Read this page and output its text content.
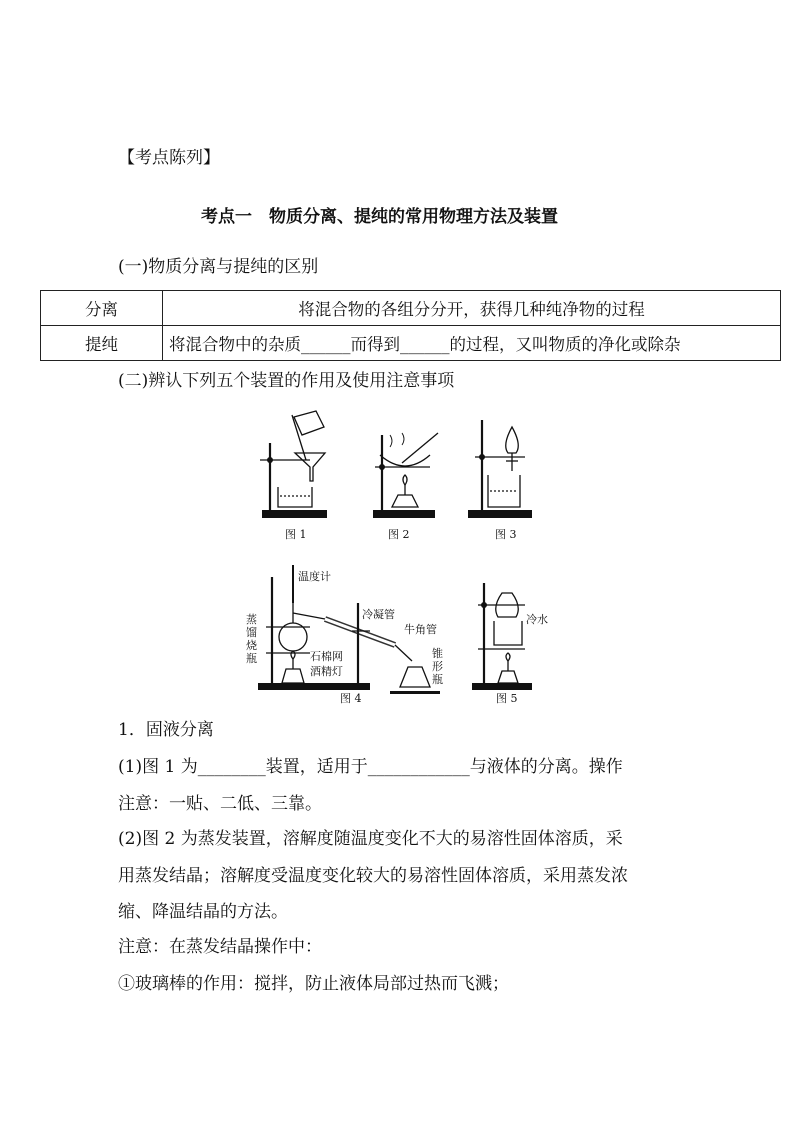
【考点陈列】
考点一　物质分离、提纯的常用物理方法及装置
(一)物质分离与提纯的区别
分离	将混合物的各组分分开，获得几种纯净物的过程
提纯	将混合物中的杂质______而得到______的过程，又叫物质的净化或除杂
(二)辨认下列五个装置的作用及使用注意事项
图 1	图 2	图 3
温度计
冷凝管
牛角管
蒸
馏
烧
瓶	石棉网
酒精灯
锥
形
瓶
图 4
冷水
图 5
1．固液分离
(1)图 1 为________装置，适用于____________与液体的分离。操作
注意：一贴、二低、三靠。
(2)图 2 为蒸发装置，溶解度随温度变化不大的易溶性固体溶质，采
用蒸发结晶；溶解度受温度变化较大的易溶性固体溶质，采用蒸发浓
缩、降温结晶的方法。
注意：在蒸发结晶操作中：
①玻璃棒的作用：搅拌，防止液体局部过热而飞溅；
